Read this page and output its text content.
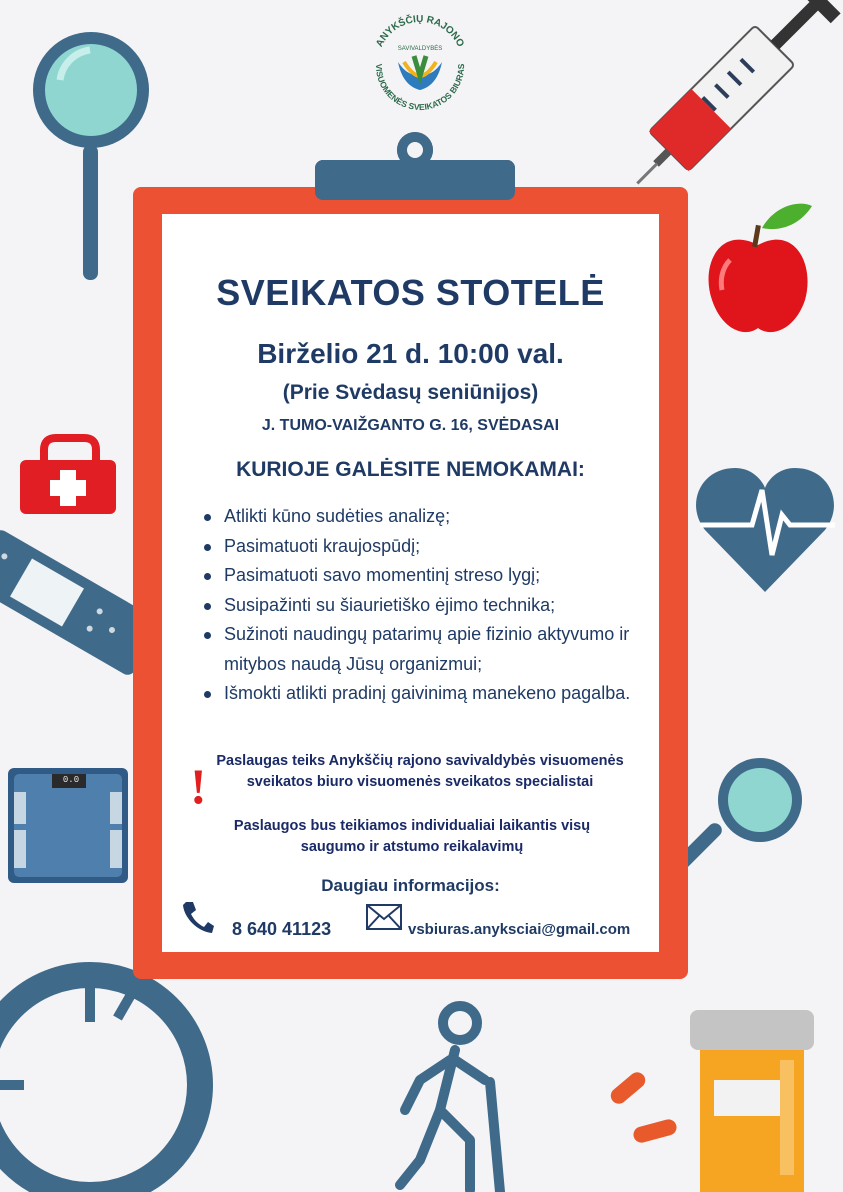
ANYKŠČIŲ RAJONO
SAVIVALDYBĖS
VISUOMENĖS SVEIKATOS BIURAS
SVEIKATOS STOTELĖ
Birželio 21 d. 10:00 val.
(Prie Svėdasų seniūnijos)
J. TUMO-VAIŽGANTO G. 16, SVĖDASAI
KURIOJE GALĖSITE NEMOKAMAI:
Atlikti kūno sudėties analizę;
Pasimatuoti kraujospūdį;
Pasimatuoti savo momentinį streso lygį;
Susipažinti su šiaurietiško ėjimo technika;
Sužinoti naudingų patarimų apie fizinio aktyvumo ir mitybos naudą Jūsų organizmui;
Išmokti atlikti pradinį gaivinimą manekeno pagalba.
! Paslaugas teiks Anykščių rajono savivaldybės visuomenės sveikatos biuro visuomenės sveikatos specialistai
Paslaugos bus teikiamos individualiai laikantis visų saugumo ir atstumo reikalavimų
Daugiau informacijos:
8 640 41123	vsbiuras.anyksciai@gmail.com
0.0
